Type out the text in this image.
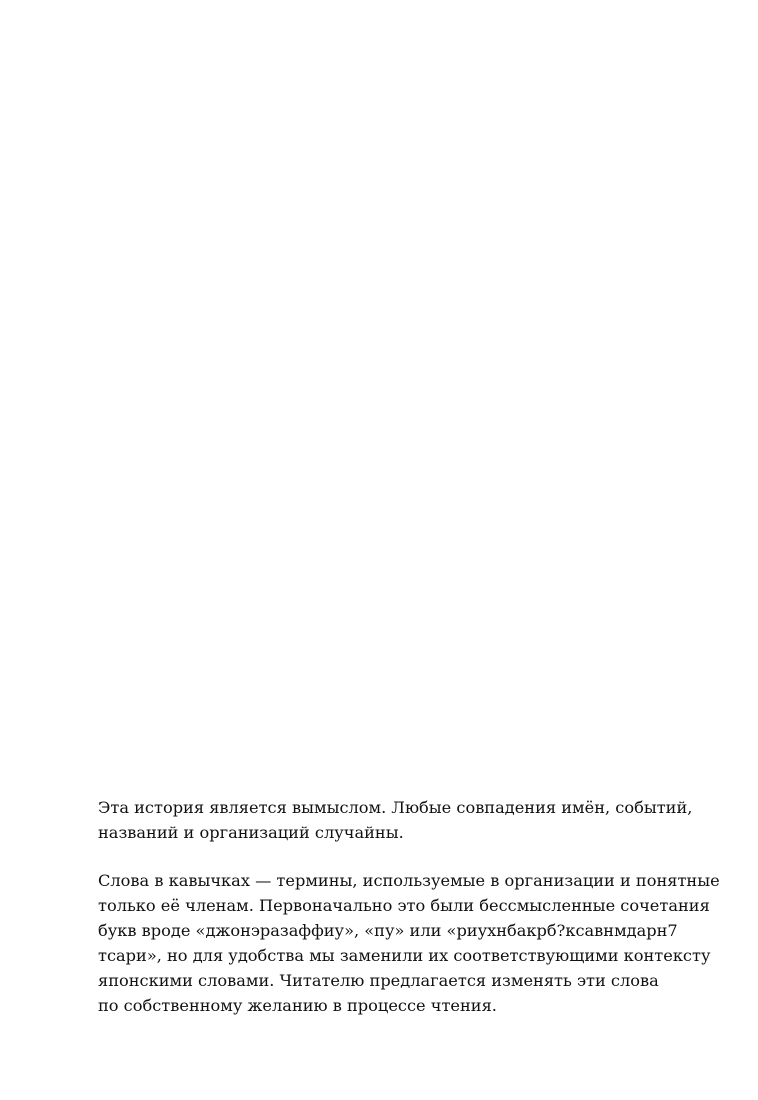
Эта история является вымыслом. Любые совпадения имён, событий,
названий и организаций случайны.

Слова в кавычках — термины, используемые в организации и понятные
только её членам. Первоначально это были бессмысленные сочетания
букв вроде «джонэразаффиу», «пу» или «риухнбакрб?ксавнмдарн7
тсари», но для удобства мы заменили их соответствующими контексту
японскими словами. Читателю предлагается изменять эти слова
по собственному желанию в процессе чтения.
